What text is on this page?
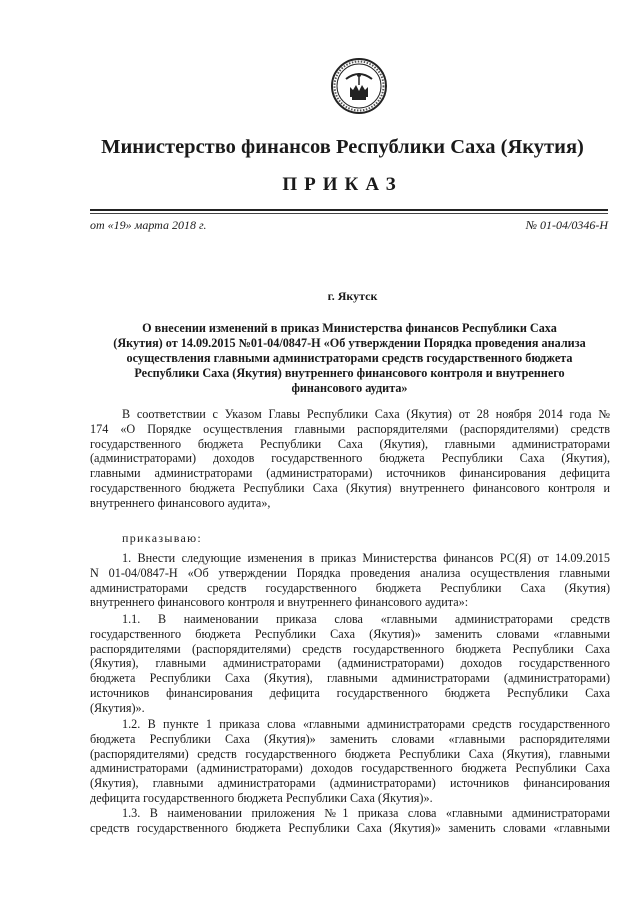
Министерство финансов Республики Саха (Якутия)
ПРИКАЗ
от «19» марта 2018 г.	№ 01-04/0346-Н
г. Якутск
О внесении изменений в приказ Министерства финансов Республики Саха
(Якутия) от 14.09.2015 №01-04/0847-Н «Об утверждении Порядка проведения анализа
осуществления главными администраторами средств государственного бюджета
Республики Саха (Якутия) внутреннего финансового контроля и внутреннего
финансового аудита»
В соответствии с Указом Главы Республики Саха (Якутия) от 28 ноября 2014 года №
174 «О Порядке осуществления главными распорядителями (распорядителями) средств
государственного бюджета Республики Саха (Якутия), главными администраторами
(администраторами) доходов государственного бюджета Республики Саха (Якутия),
главными администраторами (администраторами) источников финансирования дефицита
государственного бюджета Республики Саха (Якутия) внутреннего финансового контроля и
внутреннего финансового аудита»,
приказываю:
1. Внести следующие изменения в приказ Министерства финансов РС(Я) от 14.09.2015
N 01-04/0847-Н «Об утверждении Порядка проведения анализа осуществления главными
администраторами средств государственного бюджета Республики Саха (Якутия)
внутреннего финансового контроля и внутреннего финансового аудита»:
1.1. В наименовании приказа слова «главными администраторами средств
государственного бюджета Республики Саха (Якутия)» заменить словами «главными
распорядителями (распорядителями) средств государственного бюджета Республики Саха
(Якутия), главными администраторами (администраторами) доходов государственного
бюджета Республики Саха (Якутия), главными администраторами (администраторами)
источников финансирования дефицита государственного бюджета Республики Саха
(Якутия)».
1.2. В пункте 1 приказа слова «главными администраторами средств государственного
бюджета Республики Саха (Якутия)» заменить словами «главными распорядителями
(распорядителями) средств государственного бюджета Республики Саха (Якутия), главными
администраторами (администраторами) доходов государственного бюджета Республики Саха
(Якутия), главными администраторами (администраторами) источников финансирования
дефицита государственного бюджета Республики Саха (Якутия)».
1.3. В наименовании приложения №1 приказа слова «главными администраторами
средств государственного бюджета Республики Саха (Якутия)» заменить словами «главными
